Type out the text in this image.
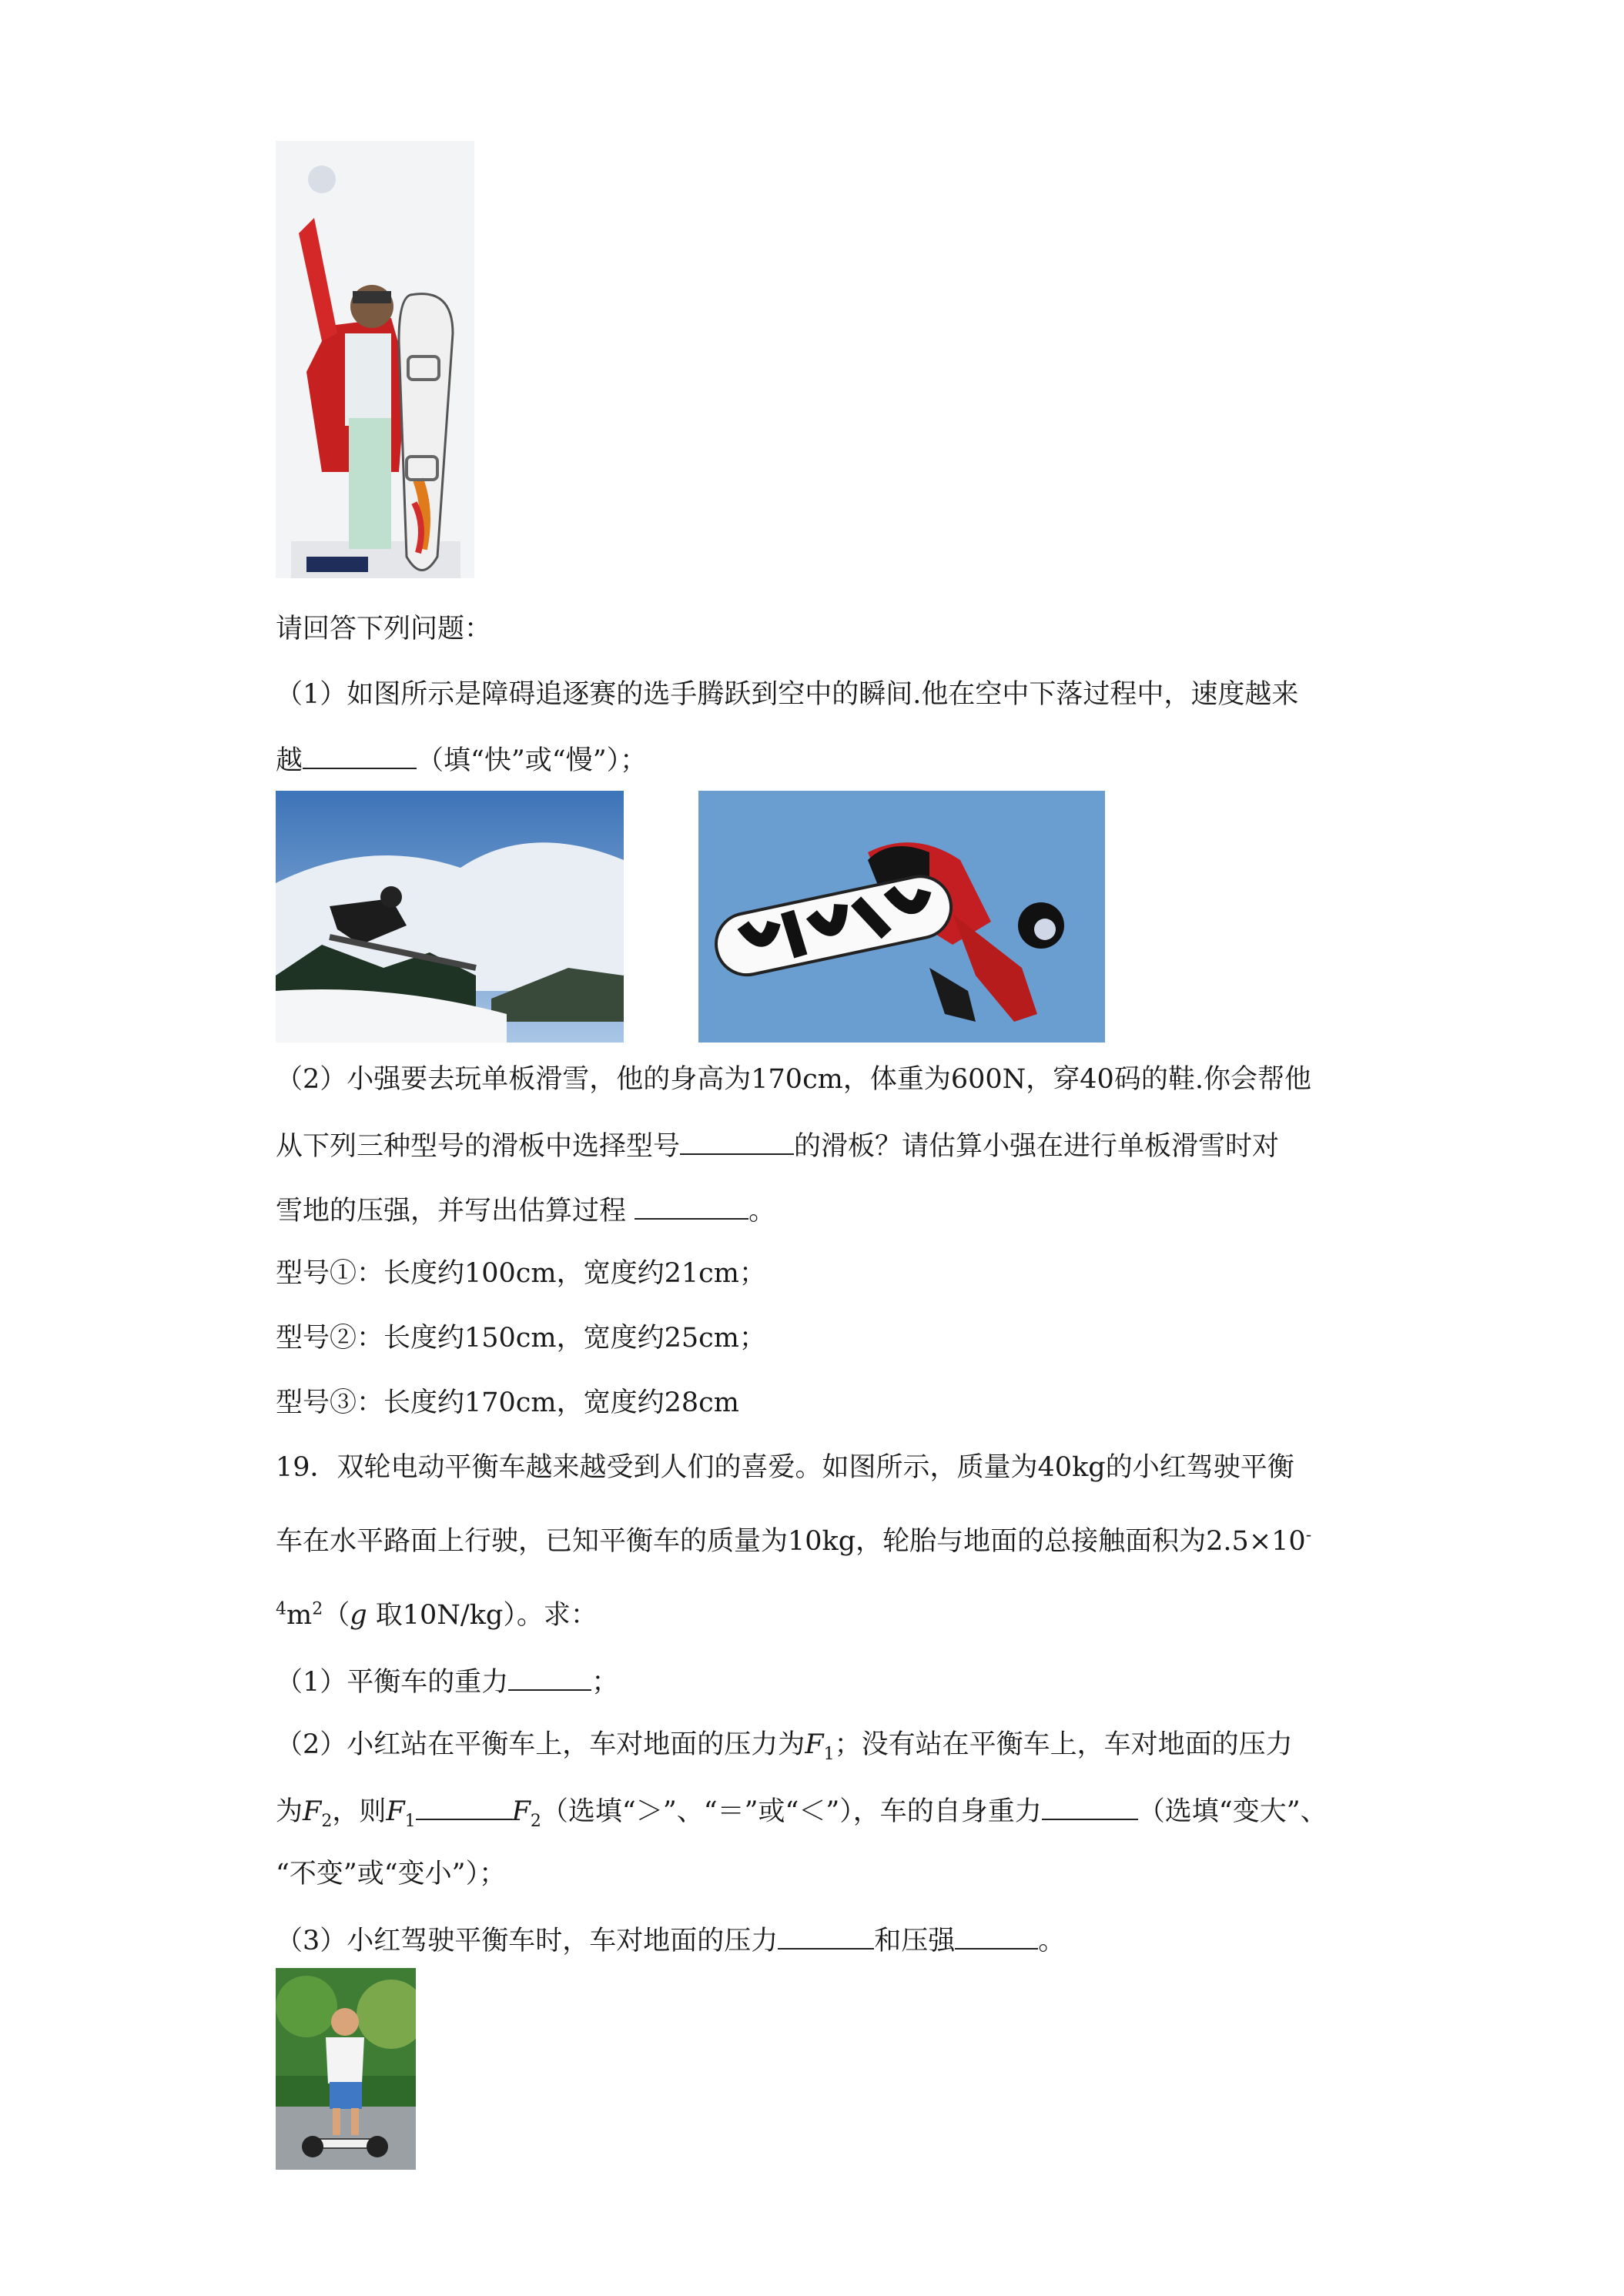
请回答下列问题：
（1）如图所示是障碍追逐赛的选手腾跃到空中的瞬间.他在空中下落过程中，速度越来
越	（填“快”或“慢”）；
（2）小强要去玩单板滑雪，他的身高为170cm，体重为600N，穿40码的鞋.你会帮他
从下列三种型号的滑板中选择型号	的滑板？请估算小强在进行单板滑雪时对
雪地的压强，并写出估算过程	。
型号①：长度约100cm，宽度约21cm；
型号②：长度约150cm，宽度约25cm；
型号③：长度约170cm，宽度约28cm
19．双轮电动平衡车越来越受到人们的喜爱。如图所示，质量为40kg的小红驾驶平衡
车在水平路面上行驶，已知平衡车的质量为10kg，轮胎与地面的总接触面积为2.5×10-
$^4m^2(g$ 取10N/kg）。求：
（1）平衡车的重力	；
（2）小红站在平衡车上，车对地面的压力为$F_1$；没有站在平衡车上，车对地面的压力
为$F_2$，则$F_1$	$F_2$（选填“＞”、“＝”或“＜”），车的自身重力	（选填“变大”、
“不变”或“变小”）；
（3）小红驾驶平衡车时，车对地面的压力	和压强	。
